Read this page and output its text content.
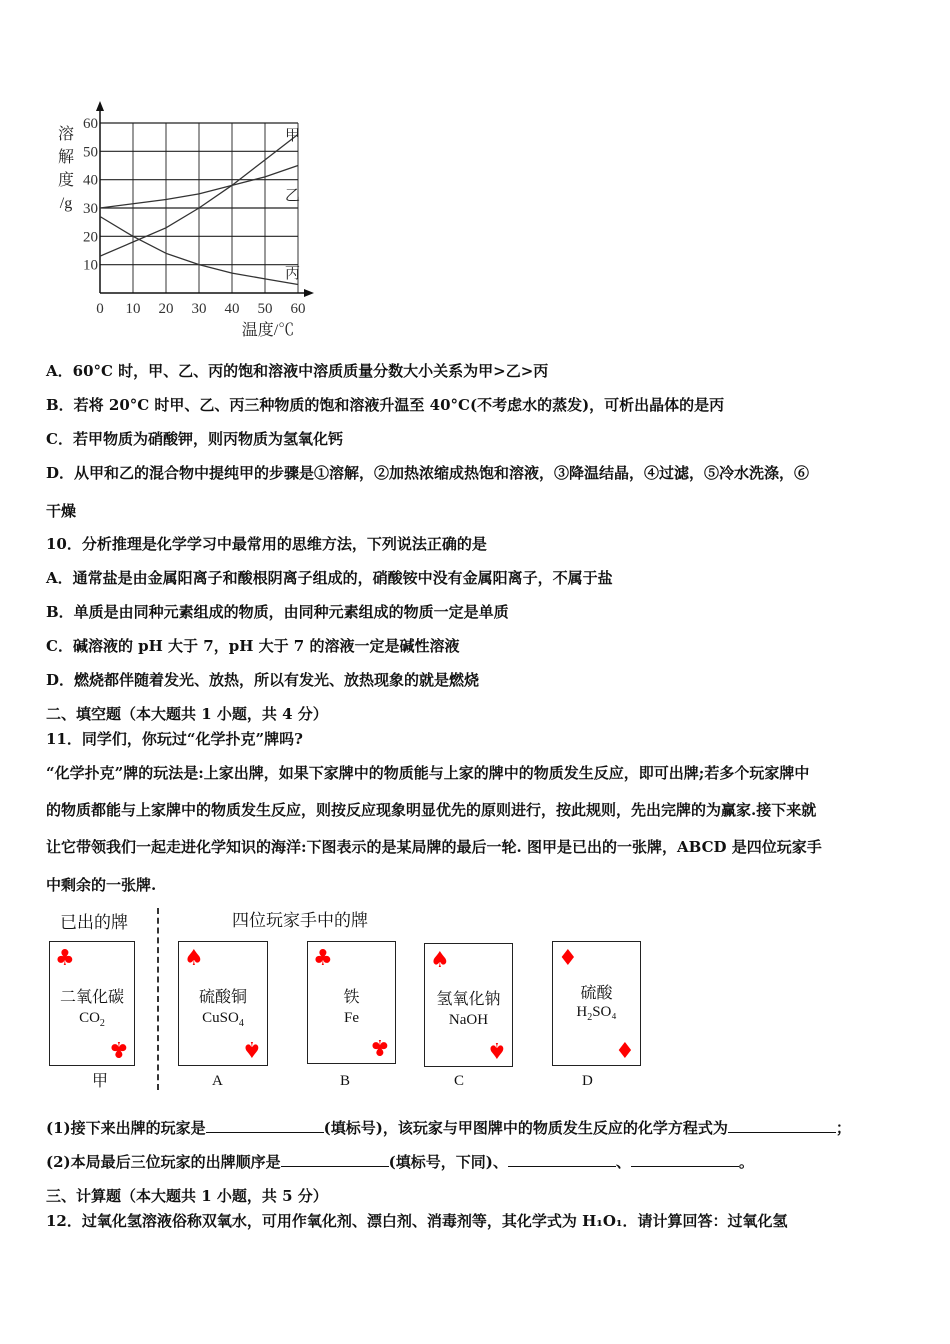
0 10 20 30 40 50 60
10
20
30
40
50
60
溶
解
度
/g
温度/℃
甲
乙
丙
A．60°C 时，甲、乙、丙的饱和溶液中溶质质量分数大小关系为甲>乙>丙
B．若将 20°C 时甲、乙、丙三种物质的饱和溶液升温至 40°C(不考虑水的蒸发)，可析出晶体的是丙
C．若甲物质为硝酸钾，则丙物质为氢氧化钙
D．从甲和乙的混合物中提纯甲的步骤是①溶解，②加热浓缩成热饱和溶液，③降温结晶，④过滤，⑤冷水洗涤，⑥
干燥
10．分析推理是化学学习中最常用的思维方法，下列说法正确的是
A．通常盐是由金属阳离子和酸根阴离子组成的，硝酸铵中没有金属阳离子，不属于盐
B．单质是由同种元素组成的物质，由同种元素组成的物质一定是单质
C．碱溶液的 pH 大于 7，pH 大于 7 的溶液一定是碱性溶液
D．燃烧都伴随着发光、放热，所以有发光、放热现象的就是燃烧
二、填空题（本大题共 1 小题，共 4 分）
11．同学们，你玩过“化学扑克”牌吗?
“化学扑克”牌的玩法是:上家出牌，如果下家牌中的物质能与上家的牌中的物质发生反应，即可出牌;若多个玩家牌中
的物质都能与上家牌中的物质发生反应，则按反应现象明显优先的原则进行，按此规则，先出完牌的为赢家.接下来就
让它带领我们一起走进化学知识的海洋:下图表示的是某局牌的最后一轮. 图甲是已出的一张牌，ABCD 是四位玩家手
中剩余的一张牌.
已出的牌	四位玩家手中的牌
♣
二氧化碳
$CO_2$
♣
甲
♠
硫酸铜
CuSO$_4$
♠
A
♣
铁
Fe
♣
B
♠
氢氧化钠
NaOH
♠
C
♦
硫酸
$H_2SO_4$
♦
D
(1)接下来出牌的玩家是	(填标号)，该玩家与甲图牌中的物质发生反应的化学方程式为	；
(2)本局最后三位玩家的出牌顺序是	(填标号，下同)、	、	。
三、计算题（本大题共 1 小题，共 5 分）
12．过氧化氢溶液俗称双氧水，可用作氧化剂、漂白剂、消毒剂等，其化学式为 H₁O₁．请计算回答：过氧化氢
